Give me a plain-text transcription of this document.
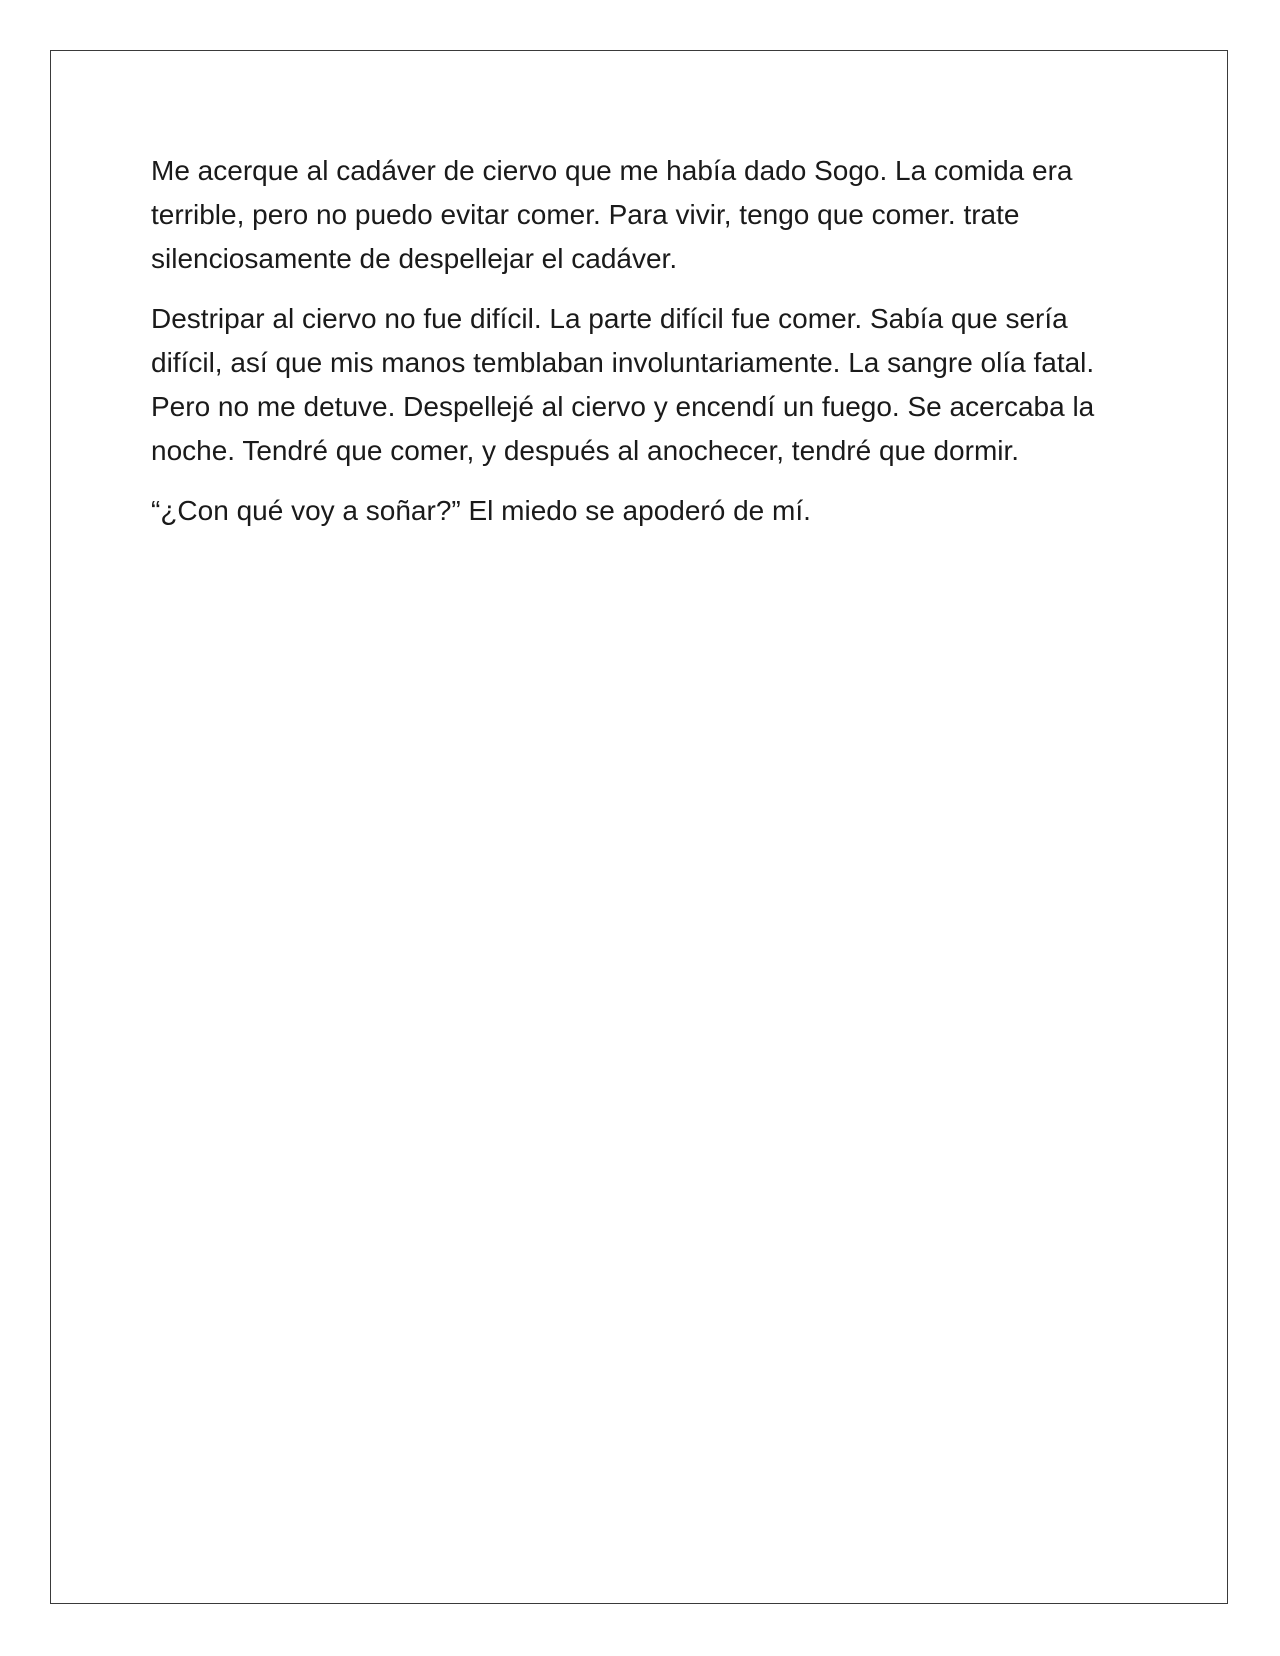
Me acerque al cadáver de ciervo que me había dado Sogo. La comida era terrible, pero no puedo evitar comer. Para vivir, tengo que comer. trate silenciosamente de despellejar el cadáver.

Destripar al ciervo no fue difícil. La parte difícil fue comer. Sabía que sería difícil, así que mis manos temblaban involuntariamente. La sangre olía fatal. Pero no me detuve. Despellejé al ciervo y encendí un fuego. Se acercaba la noche. Tendré que comer, y después al anochecer, tendré que dormir.

“¿Con qué voy a soñar?” El miedo se apoderó de mí.
